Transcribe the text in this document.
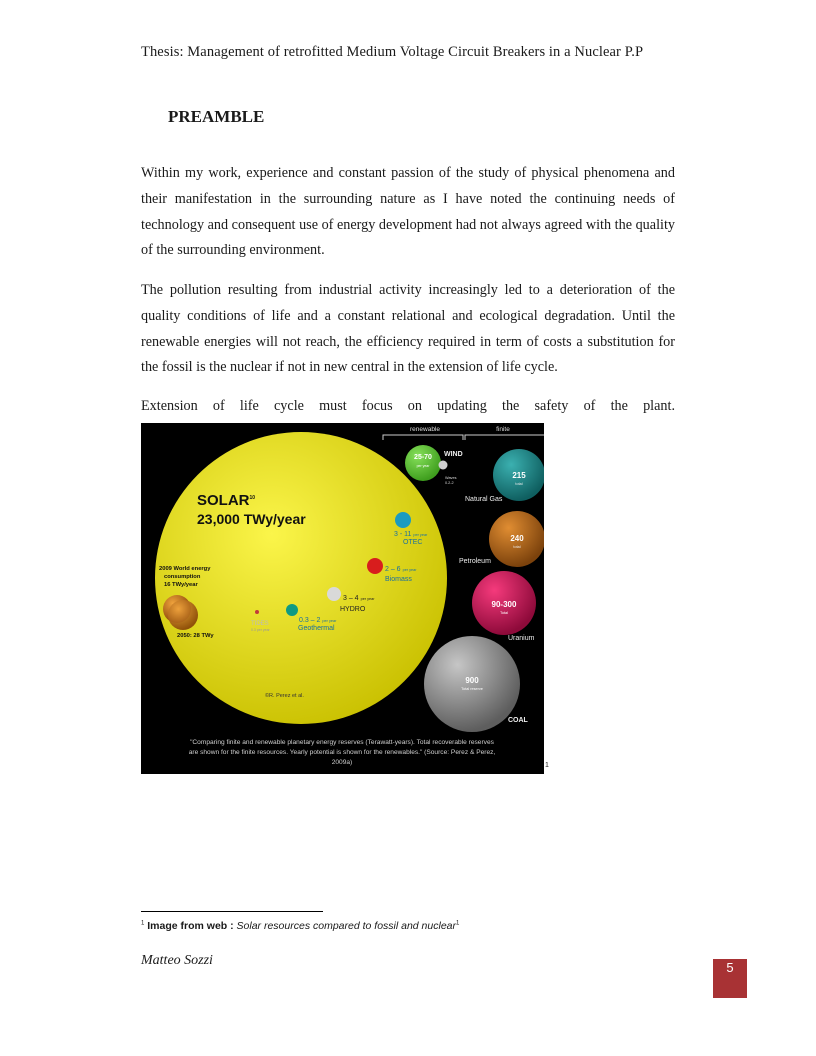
Thesis: Management of retrofitted Medium Voltage Circuit Breakers in a Nuclear P.P
PREAMBLE

Within my work, experience and constant passion of the study of physical phenomena and their manifestation in the surrounding nature as I have noted the continuing needs of technology and consequent use of energy development had not always agreed with the quality of the surrounding environment.

The pollution resulting from industrial activity increasingly led to a deterioration of the quality conditions of life and a constant relational and ecological degradation. Until the renewable energies will not reach, the efficiency required in term of costs a substitution for the fossil is the nuclear if not in new central in the extension of life cycle.

Extension of life cycle must focus on updating the safety of the plant.

renewable	finite
SOLAR$^{10}$
23,000 TWy/year
25-70
per year
WIND
Waves
0.2-2
215
total
Natural Gas
240
total
Petroleum
90-300
Total
Uranium
900
Total reserve
COAL
3 - 11 per year
OTEC
2 – 6 per year
Biomass
3 – 4 per year
HYDRO
0.3 – 2 per year
Geothermal
TIDES
0.3 per year
2009 World energy
consumption
16 TWy/year
2050: 28 TWy
©R. Perez et al.
"Comparing finite and renewable planetary energy reserves (Terawatt-years). Total recoverable reserves
are shown for the finite resources. Yearly potential is shown for the renewables." (Source: Perez & Perez,
2009a)	1
$^1$ Image from web : Solar resources compared to fossil and nuclear$^1$
Matteo Sozzi	5
